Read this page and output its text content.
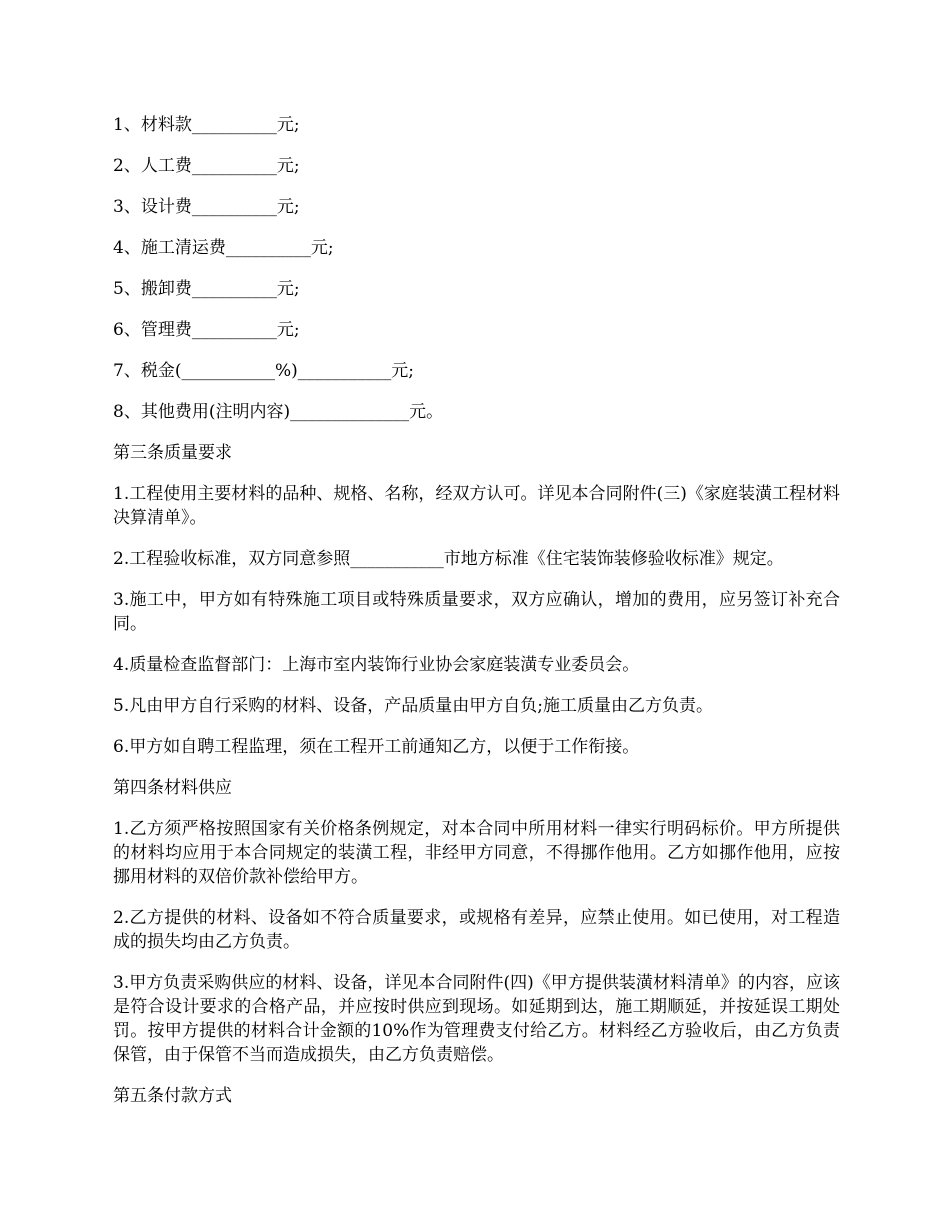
1、材料款__________元;
2、人工费__________元;
3、设计费__________元;
4、施工清运费__________元;
5、搬卸费__________元;
6、管理费__________元;
7、税金(___________%)___________元;
8、其他费用(注明内容)______________元。
第三条质量要求
1.工程使用主要材料的品种、规格、名称，经双方认可。详见本合同附件(三)《家庭装潢工程材料决算清单》。
2.工程验收标准，双方同意参照___________市地方标准《住宅装饰装修验收标准》规定。
3.施工中，甲方如有特殊施工项目或特殊质量要求，双方应确认，增加的费用，应另签订补充合同。
4.质量检查监督部门：上海市室内装饰行业协会家庭装潢专业委员会。
5.凡由甲方自行采购的材料、设备，产品质量由甲方自负;施工质量由乙方负责。
6.甲方如自聘工程监理，须在工程开工前通知乙方，以便于工作衔接。
第四条材料供应
1.乙方须严格按照国家有关价格条例规定，对本合同中所用材料一律实行明码标价。甲方所提供的材料均应用于本合同规定的装潢工程，非经甲方同意，不得挪作他用。乙方如挪作他用，应按挪用材料的双倍价款补偿给甲方。
2.乙方提供的材料、设备如不符合质量要求，或规格有差异，应禁止使用。如已使用，对工程造成的损失均由乙方负责。
3.甲方负责采购供应的材料、设备，详见本合同附件(四)《甲方提供装潢材料清单》的内容，应该是符合设计要求的合格产品，并应按时供应到现场。如延期到达，施工期顺延，并按延误工期处罚。按甲方提供的材料合计金额的10%作为管理费支付给乙方。材料经乙方验收后，由乙方负责保管，由于保管不当而造成损失，由乙方负责赔偿。
第五条付款方式
